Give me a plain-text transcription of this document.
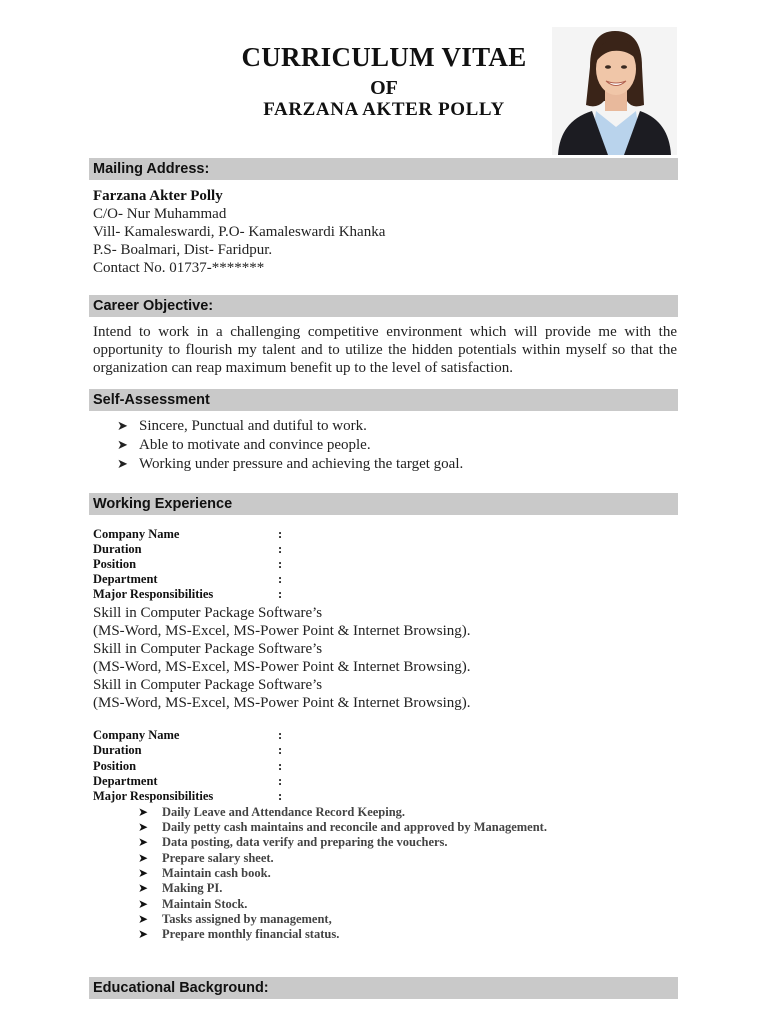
CURRICULUM VITAE
OF
FARZANA AKTER POLLY
Mailing Address:
Farzana Akter Polly
C/O- Nur Muhammad
Vill- Kamaleswardi, P.O- Kamaleswardi Khanka
P.S- Boalmari, Dist- Faridpur.
Contact No. 01737-*******
Career Objective:
Intend to work in a challenging competitive environment which will provide me with the opportunity to flourish my talent and to utilize the hidden potentials within myself so that the organization can reap maximum benefit up to the level of satisfaction.
Self-Assessment
➤ Sincere, Punctual and dutiful to work.
➤ Able to motivate and convince people.
➤ Working under pressure and achieving the target goal.
Working Experience
Company Name	:
Duration	:
Position	:
Department	:
Major Responsibilities	:
Skill in Computer Package Software’s
(MS-Word, MS-Excel, MS-Power Point & Internet Browsing).
Skill in Computer Package Software’s
(MS-Word, MS-Excel, MS-Power Point & Internet Browsing).
Skill in Computer Package Software’s
(MS-Word, MS-Excel, MS-Power Point & Internet Browsing).
Company Name	:
Duration	:
Position	:
Department	:
Major Responsibilities	:
➤ Daily Leave and Attendance Record Keeping.
➤ Daily petty cash maintains and reconcile and approved by Management.
➤ Data posting, data verify and preparing the vouchers.
➤ Prepare salary sheet.
➤ Maintain cash book.
➤ Making PI.
➤ Maintain Stock.
➤ Tasks assigned by management,
➤ Prepare monthly financial status.
Educational Background:
